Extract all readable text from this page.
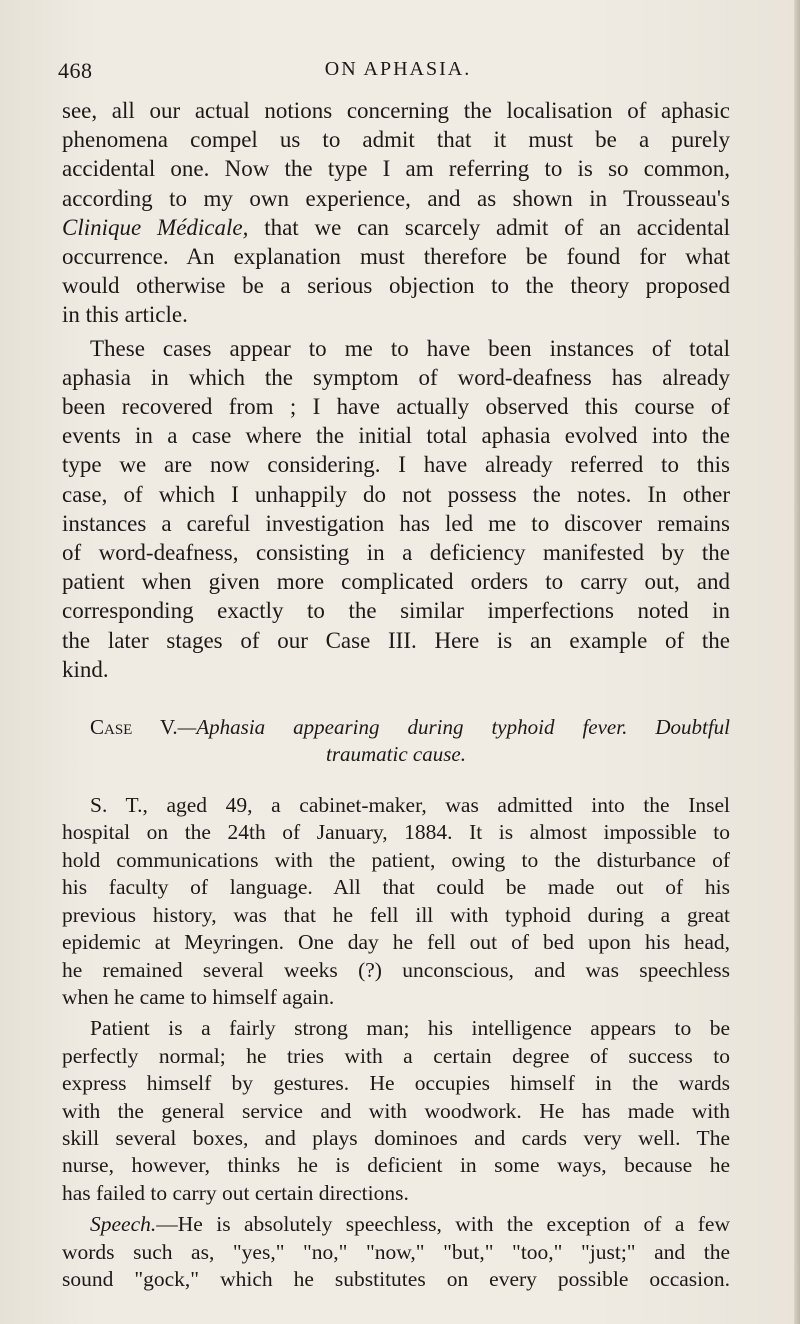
468	ON APHASIA.
see, all our actual notions concerning the localisation of aphasic
phenomena compel us to admit that it must be a purely
accidental one. Now the type I am referring to is so common,
according to my own experience, and as shown in Trousseau's
Clinique Médicale, that we can scarcely admit of an accidental
occurrence. An explanation must therefore be found for what
would otherwise be a serious objection to the theory proposed
in this article.
These cases appear to me to have been instances of total
aphasia in which the symptom of word-deafness has already
been recovered from ; I have actually observed this course of
events in a case where the initial total aphasia evolved into the
type we are now considering. I have already referred to this
case, of which I unhappily do not possess the notes. In other
instances a careful investigation has led me to discover remains
of word-deafness, consisting in a deficiency manifested by the
patient when given more complicated orders to carry out, and
corresponding exactly to the similar imperfections noted in
the later stages of our Case III. Here is an example of the
kind.
Case V.—Aphasia appearing during typhoid fever. Doubtful
traumatic cause.
S. T., aged 49, a cabinet-maker, was admitted into the Insel
hospital on the 24th of January, 1884. It is almost impossible to
hold communications with the patient, owing to the disturbance of
his faculty of language. All that could be made out of his
previous history, was that he fell ill with typhoid during a great
epidemic at Meyringen. One day he fell out of bed upon his head,
he remained several weeks (?) unconscious, and was speechless
when he came to himself again.
Patient is a fairly strong man; his intelligence appears to be
perfectly normal; he tries with a certain degree of success to
express himself by gestures. He occupies himself in the wards
with the general service and with woodwork. He has made with
skill several boxes, and plays dominoes and cards very well. The
nurse, however, thinks he is deficient in some ways, because he
has failed to carry out certain directions.
Speech.—He is absolutely speechless, with the exception of a few
words such as, "yes," "no," "now," "but," "too," "just;" and the
sound "gock," which he substitutes on every possible occasion.
